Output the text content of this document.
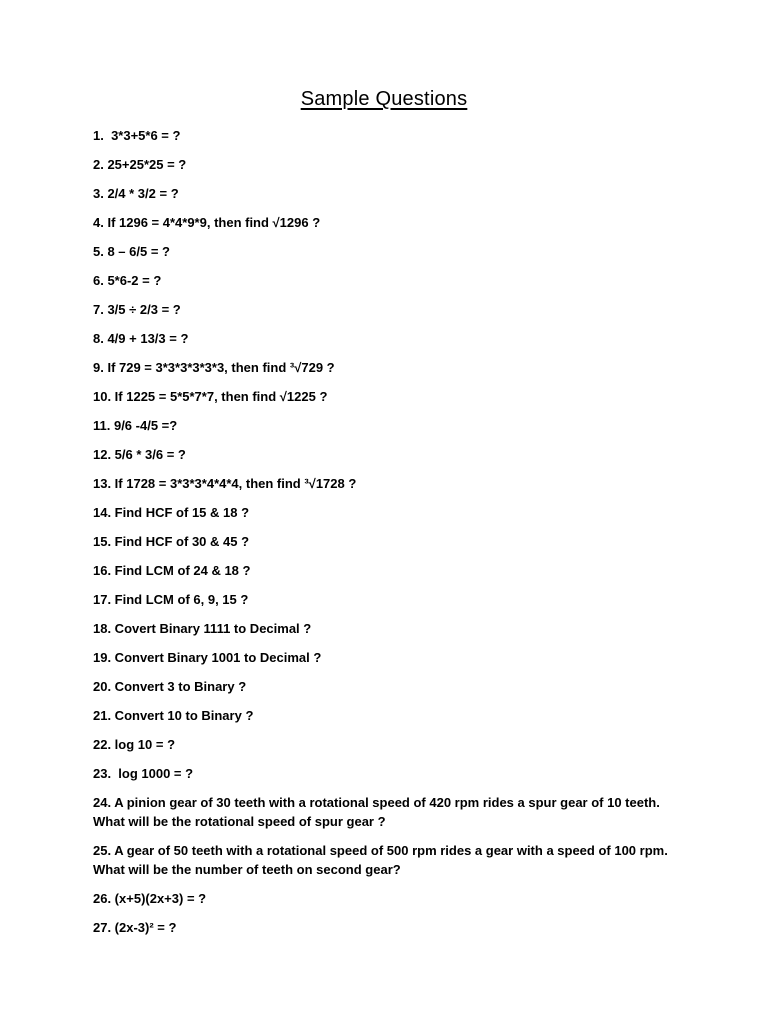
Sample Questions
1.  3*3+5*6 = ?
2. 25+25*25 = ?
3. 2/4 * 3/2 = ?
4. If 1296 = 4*4*9*9, then find √1296 ?
5. 8 – 6/5 = ?
6. 5*6-2 = ?
7. 3/5 ÷ 2/3 = ?
8. 4/9 + 13/3 = ?
9. If 729 = 3*3*3*3*3*3, then find ³√729 ?
10. If 1225 = 5*5*7*7, then find √1225 ?
11. 9/6 -4/5 =?
12. 5/6 * 3/6 = ?
13. If 1728 = 3*3*3*4*4*4, then find ³√1728 ?
14. Find HCF of 15 & 18 ?
15. Find HCF of 30 & 45 ?
16. Find LCM of 24 & 18 ?
17. Find LCM of 6, 9, 15 ?
18. Covert Binary 1111 to Decimal ?
19. Convert Binary 1001 to Decimal ?
20. Convert 3 to Binary ?
21. Convert 10 to Binary ?
22. log 10 = ?
23.  log 1000 = ?
24. A pinion gear of 30 teeth with a rotational speed of 420 rpm rides a spur gear of 10 teeth. What will be the rotational speed of spur gear ?
25. A gear of 50 teeth with a rotational speed of 500 rpm rides a gear with a speed of 100 rpm. What will be the number of teeth on second gear?
26. (x+5)(2x+3) = ?
27. (2x-3)² = ?
